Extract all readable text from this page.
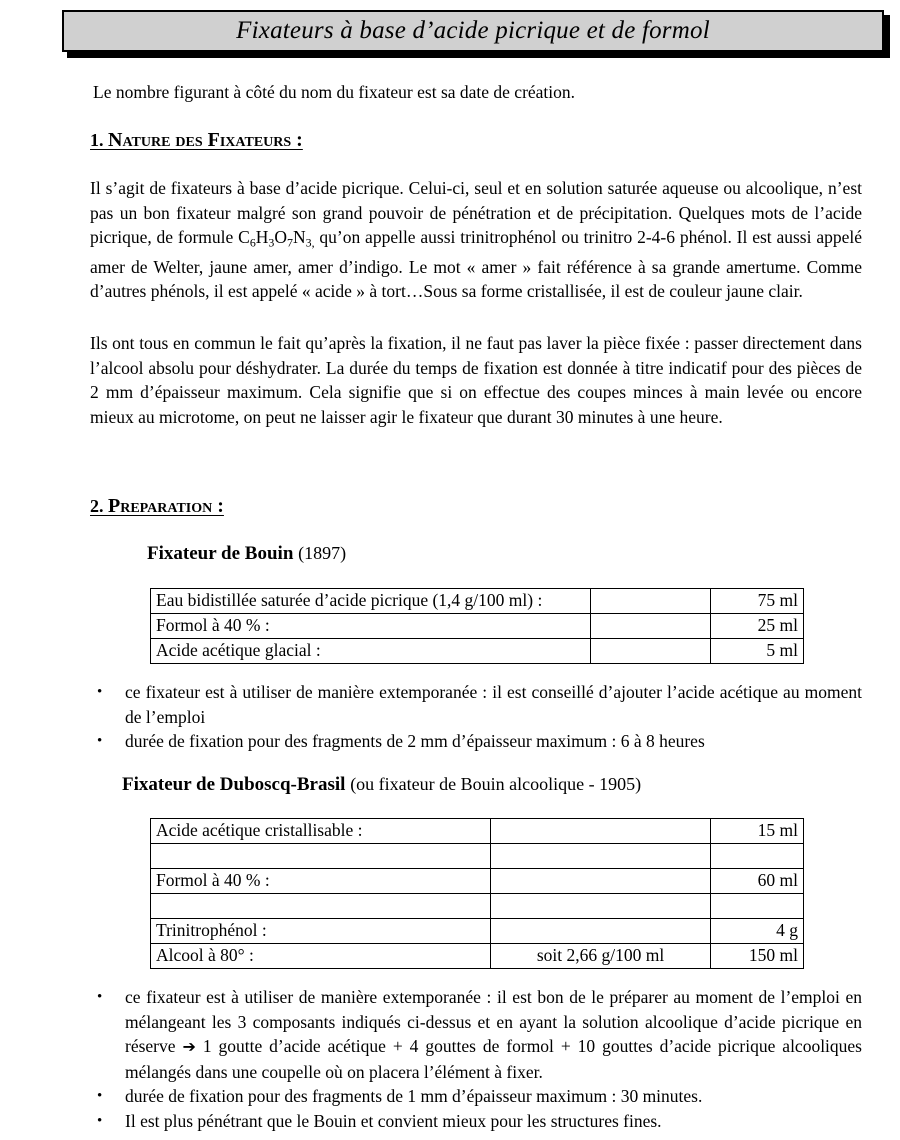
Fixateurs à base d’acide picrique et de formol
Le nombre figurant à côté du nom du fixateur est sa date de création.
1. Nature des Fixateurs :
Il s’agit de fixateurs à base d’acide picrique. Celui-ci, seul et en solution saturée aqueuse ou alcoolique, n’est pas un bon fixateur malgré son grand pouvoir de pénétration et de précipitation. Quelques mots de l’acide picrique, de formule $C_6H_3O_7N_{3,}$ qu’on appelle aussi trinitrophénol ou trinitro 2-4-6 phénol. Il est aussi appelé amer de Welter, jaune amer, amer d’indigo. Le mot « amer » fait référence à sa grande amertume. Comme d’autres phénols, il est appelé « acide » à tort…Sous sa forme cristallisée, il est de couleur jaune clair.
Ils ont tous en commun le fait qu’après la fixation, il ne faut pas laver la pièce fixée : passer directement dans l’alcool absolu pour déshydrater. La durée du temps de fixation est donnée à titre indicatif pour des pièces de 2 mm d’épaisseur maximum. Cela signifie que si on effectue des coupes minces à main levée ou encore mieux au microtome, on peut ne laisser agir le fixateur que durant 30 minutes à une heure.
2. Preparation :
Fixateur de Bouin (1897)
Eau bidistillée saturée d’acide picrique (1,4 g/100 ml) :		75 ml
Formol à 40 % :		25 ml
Acide acétique glacial :		5 ml
• ce fixateur est à utiliser de manière extemporanée : il est conseillé d’ajouter l’acide acétique au moment de l’emploi
• durée de fixation pour des fragments de 2 mm d’épaisseur maximum : 6 à 8 heures
Fixateur de Duboscq-Brasil (ou fixateur de Bouin alcoolique - 1905)
Acide acétique cristallisable :		15 ml

Formol à 40 % :		60 ml

Trinitrophénol :		4 g
Alcool à 80° :	soit 2,66 g/100 ml	150 ml
• ce fixateur est à utiliser de manière extemporanée : il est bon de le préparer au moment de l’emploi en mélangeant les 3 composants indiqués ci-dessus et en ayant la solution alcoolique d’acide picrique en réserve ➔ 1 goutte d’acide acétique + 4 gouttes de formol + 10 gouttes d’acide picrique alcooliques mélangés dans une coupelle où on placera l’élément à fixer.
• durée de fixation pour des fragments de 1 mm d’épaisseur maximum : 30 minutes.
• Il est plus pénétrant que le Bouin et convient mieux pour les structures fines.
